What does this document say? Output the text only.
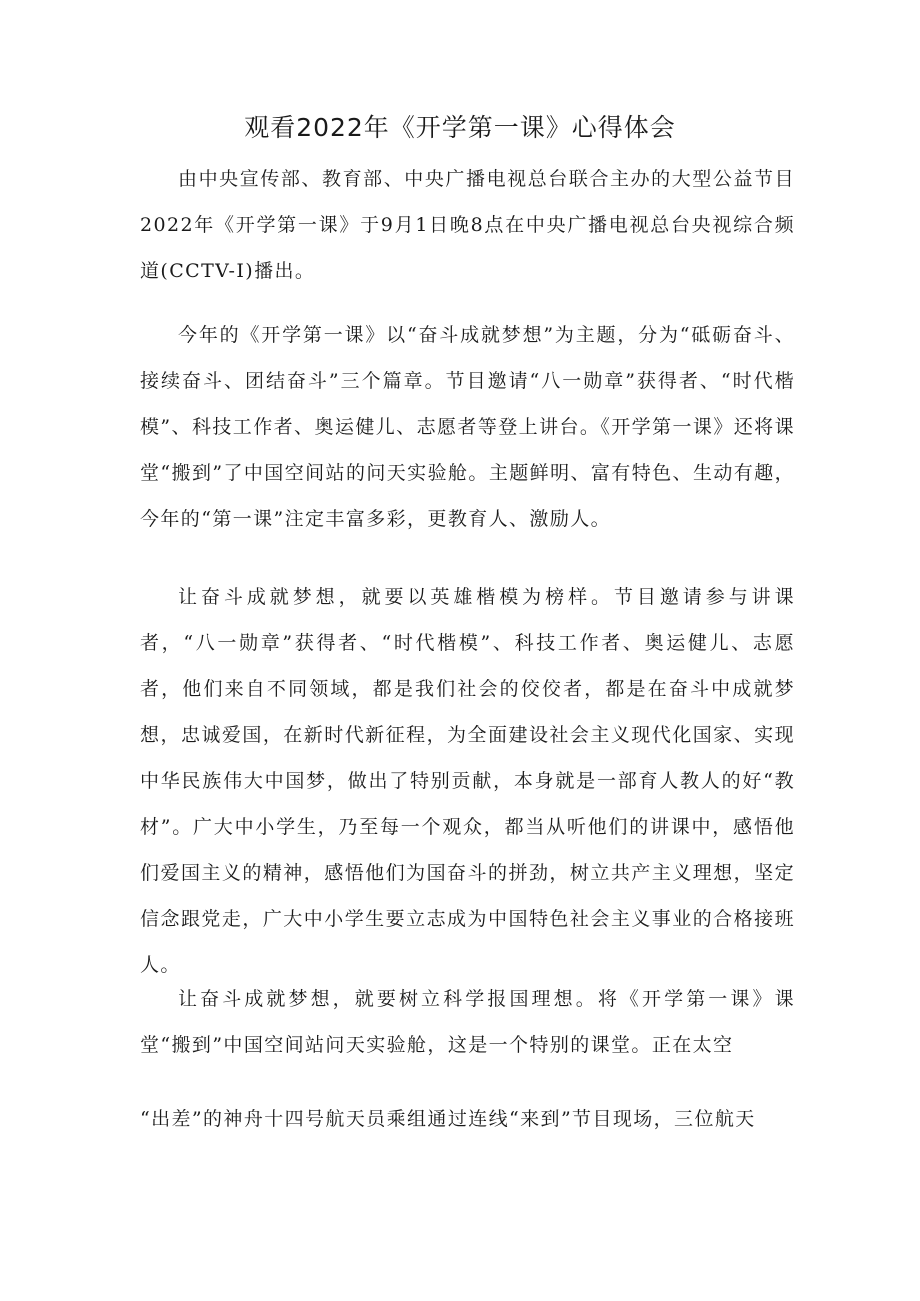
观看2022年《开学第一课》心得体会

由中央宣传部、教育部、中央广播电视总台联合主办的大型公益节目2022年《开学第一课》于9月1日晚8点在中央广播电视总台央视综合频道(CCTV-I)播出。

今年的《开学第一课》以“奋斗成就梦想”为主题，分为“砥砺奋斗、接续奋斗、团结奋斗”三个篇章。节目邀请“八一勋章”获得者、“时代楷模”、科技工作者、奥运健儿、志愿者等登上讲台。《开学第一课》还将课堂“搬到”了中国空间站的问天实验舱。主题鲜明、富有特色、生动有趣，今年的“第一课”注定丰富多彩，更教育人、激励人。

让奋斗成就梦想，就要以英雄楷模为榜样。节目邀请参与讲课者，“八一勋章”获得者、“时代楷模”、科技工作者、奥运健儿、志愿者，他们来自不同领域，都是我们社会的佼佼者，都是在奋斗中成就梦想，忠诚爱国，在新时代新征程，为全面建设社会主义现代化国家、实现中华民族伟大中国梦，做出了特别贡献，本身就是一部育人教人的好“教材”。广大中小学生，乃至每一个观众，都当从听他们的讲课中，感悟他们爱国主义的精神，感悟他们为国奋斗的拼劲，树立共产主义理想，坚定信念跟党走，广大中小学生要立志成为中国特色社会主义事业的合格接班人。

让奋斗成就梦想，就要树立科学报国理想。将《开学第一课》课堂“搬到”中国空间站问天实验舱，这是一个特别的课堂。正在太空

“出差”的神舟十四号航天员乘组通过连线“来到”节目现场，三位航天
